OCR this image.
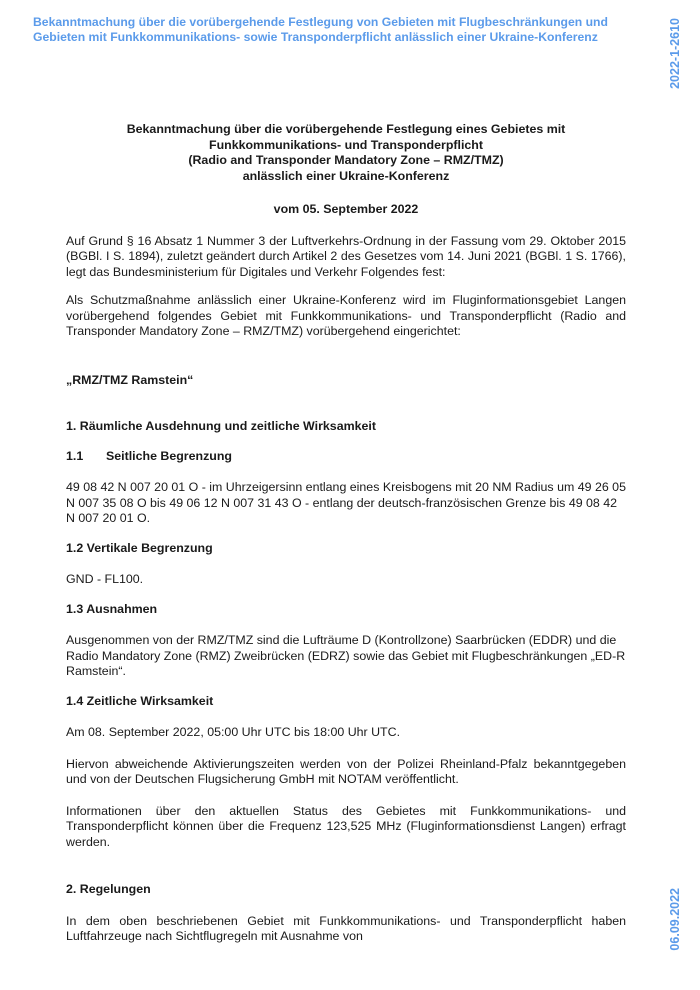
Bekanntmachung über die vorübergehende Festlegung von Gebieten mit Flugbeschränkungen und Gebieten mit Funkkommunikations- sowie Transponderpflicht anlässlich einer Ukraine-Konferenz	2022-1-2610
06.09.2022
Bekanntmachung über die vorübergehende Festlegung eines Gebietes mit
Funkkommunikations- und Transponderpflicht
(Radio and Transponder Mandatory Zone – RMZ/TMZ)
anlässlich einer Ukraine-Konferenz
vom 05. September 2022

Auf Grund § 16 Absatz 1 Nummer 3 der Luftverkehrs-Ordnung in der Fassung vom 29. Oktober 2015 (BGBl. I S. 1894), zuletzt geändert durch Artikel 2 des Gesetzes vom 14. Juni 2021 (BGBl. 1 S. 1766), legt das Bundesministerium für Digitales und Verkehr Folgendes fest:

Als Schutzmaßnahme anlässlich einer Ukraine-Konferenz wird im Fluginformationsgebiet Langen vorübergehend folgendes Gebiet mit Funkkommunikations- und Transponderpflicht (Radio and Transponder Mandatory Zone – RMZ/TMZ) vorübergehend eingerichtet:

„RMZ/TMZ Ramstein“

1. Räumliche Ausdehnung und zeitliche Wirksamkeit

1.1 Seitliche Begrenzung

49 08 42 N 007 20 01 O - im Uhrzeigersinn entlang eines Kreisbogens mit 20 NM Radius um 49 26 05 N 007 35 08 O bis 49 06 12 N 007 31 43 O - entlang der deutsch-französischen Grenze bis 49 08 42 N 007 20 01 O.

1.2 Vertikale Begrenzung

GND - FL100.

1.3 Ausnahmen

Ausgenommen von der RMZ/TMZ sind die Lufträume D (Kontrollzone) Saarbrücken (EDDR) und die Radio Mandatory Zone (RMZ) Zweibrücken (EDRZ) sowie das Gebiet mit Flugbeschränkungen „ED-R Ramstein“.

1.4 Zeitliche Wirksamkeit

Am 08. September 2022, 05:00 Uhr UTC bis 18:00 Uhr UTC.

Hiervon abweichende Aktivierungszeiten werden von der Polizei Rheinland-Pfalz bekanntgegeben und von der Deutschen Flugsicherung GmbH mit NOTAM veröffentlicht.

Informationen über den aktuellen Status des Gebietes mit Funkkommunikations- und Transponderpflicht können über die Frequenz 123,525 MHz (Fluginformationsdienst Langen) erfragt werden.

2. Regelungen

In dem oben beschriebenen Gebiet mit Funkkommunikations- und Transponderpflicht haben Luftfahrzeuge nach Sichtflugregeln mit Ausnahme von
